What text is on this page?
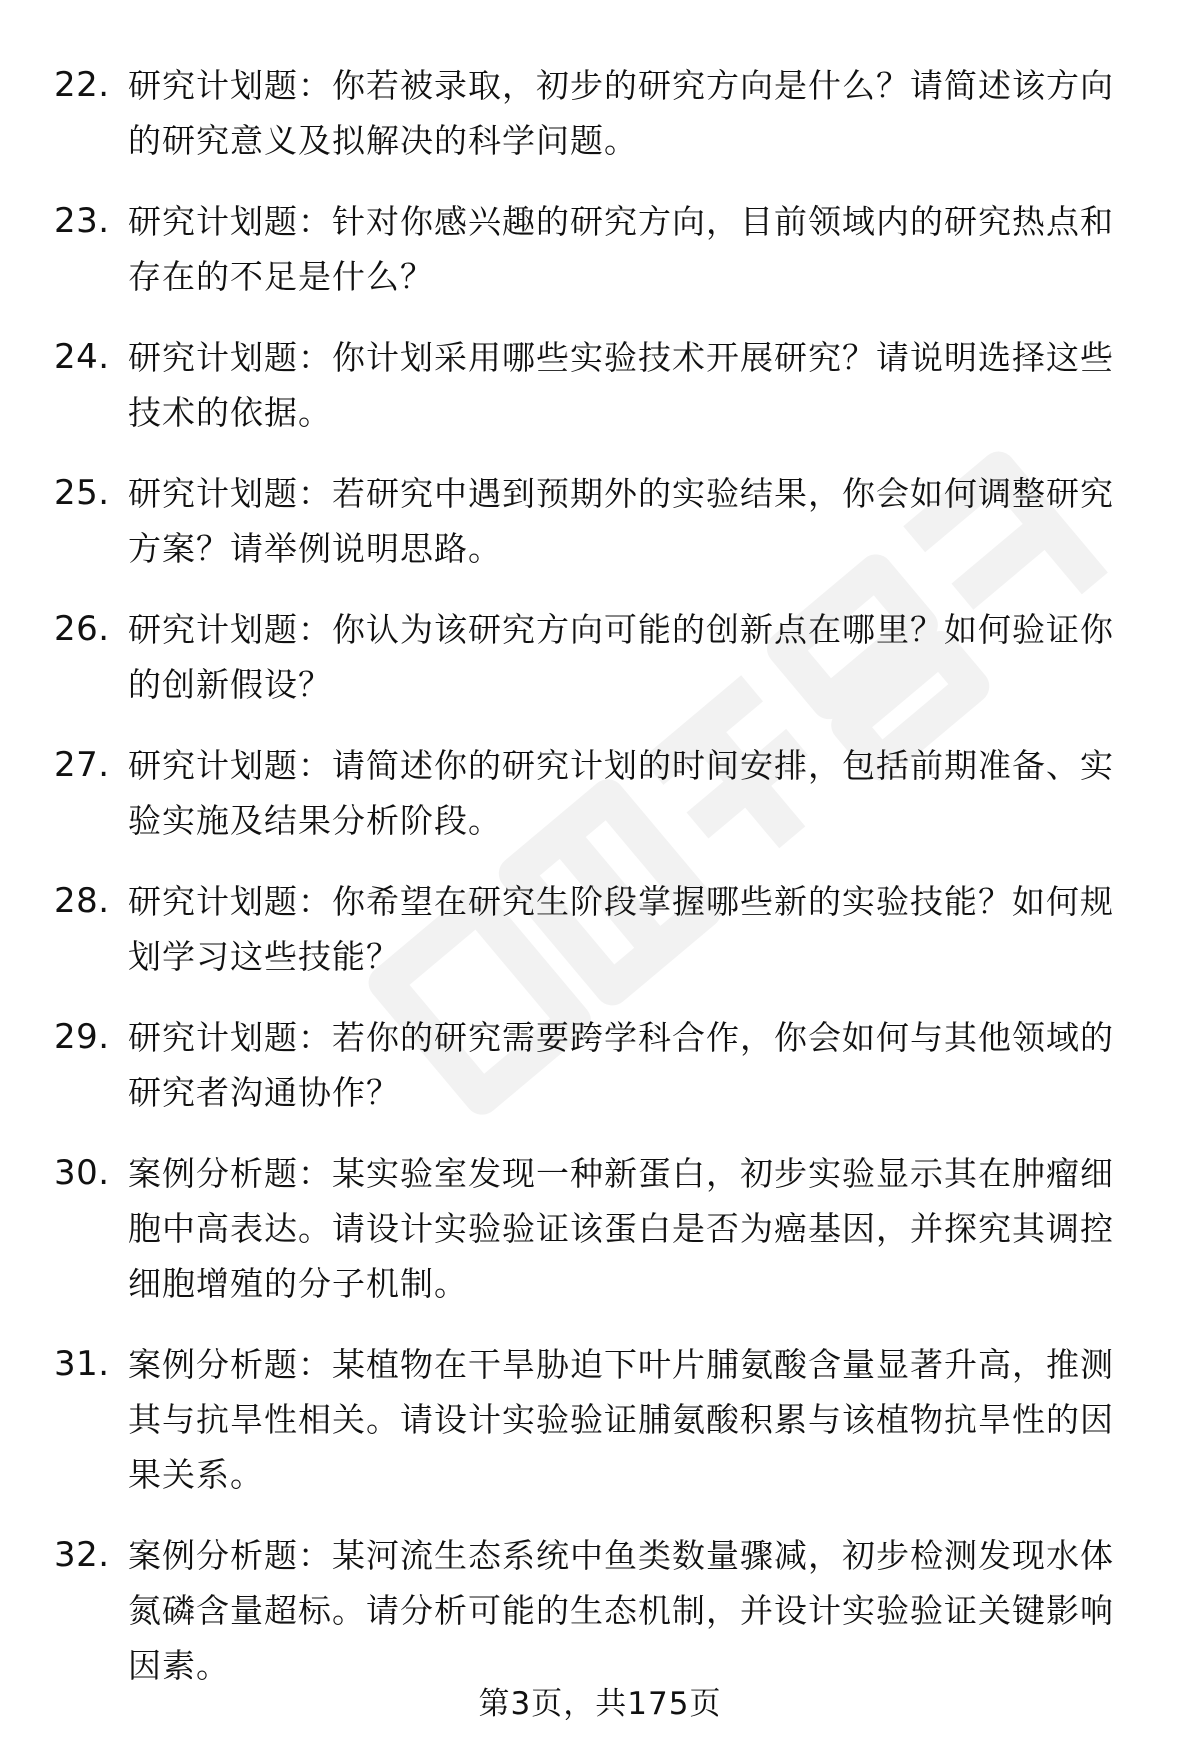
22. 研究计划题：你若被录取，初步的研究方向是什么？请简述该方向的研究意义及拟解决的科学问题。
23. 研究计划题：针对你感兴趣的研究方向，目前领域内的研究热点和存在的不足是什么？
24. 研究计划题：你计划采用哪些实验技术开展研究？请说明选择这些技术的依据。
25. 研究计划题：若研究中遇到预期外的实验结果，你会如何调整研究方案？请举例说明思路。
26. 研究计划题：你认为该研究方向可能的创新点在哪里？如何验证你的创新假设？
27. 研究计划题：请简述你的研究计划的时间安排，包括前期准备、实验实施及结果分析阶段。
28. 研究计划题：你希望在研究生阶段掌握哪些新的实验技能？如何规划学习这些技能？
29. 研究计划题：若你的研究需要跨学科合作，你会如何与其他领域的研究者沟通协作？
30. 案例分析题：某实验室发现一种新蛋白，初步实验显示其在肿瘤细胞中高表达。请设计实验验证该蛋白是否为癌基因，并探究其调控细胞增殖的分子机制。
31. 案例分析题：某植物在干旱胁迫下叶片脯氨酸含量显著升高，推测其与抗旱性相关。请设计实验验证脯氨酸积累与该植物抗旱性的因果关系。
32. 案例分析题：某河流生态系统中鱼类数量骤减，初步检测发现水体氮磷含量超标。请分析可能的生态机制，并设计实验验证关键影响因素。
第3页，共175页
